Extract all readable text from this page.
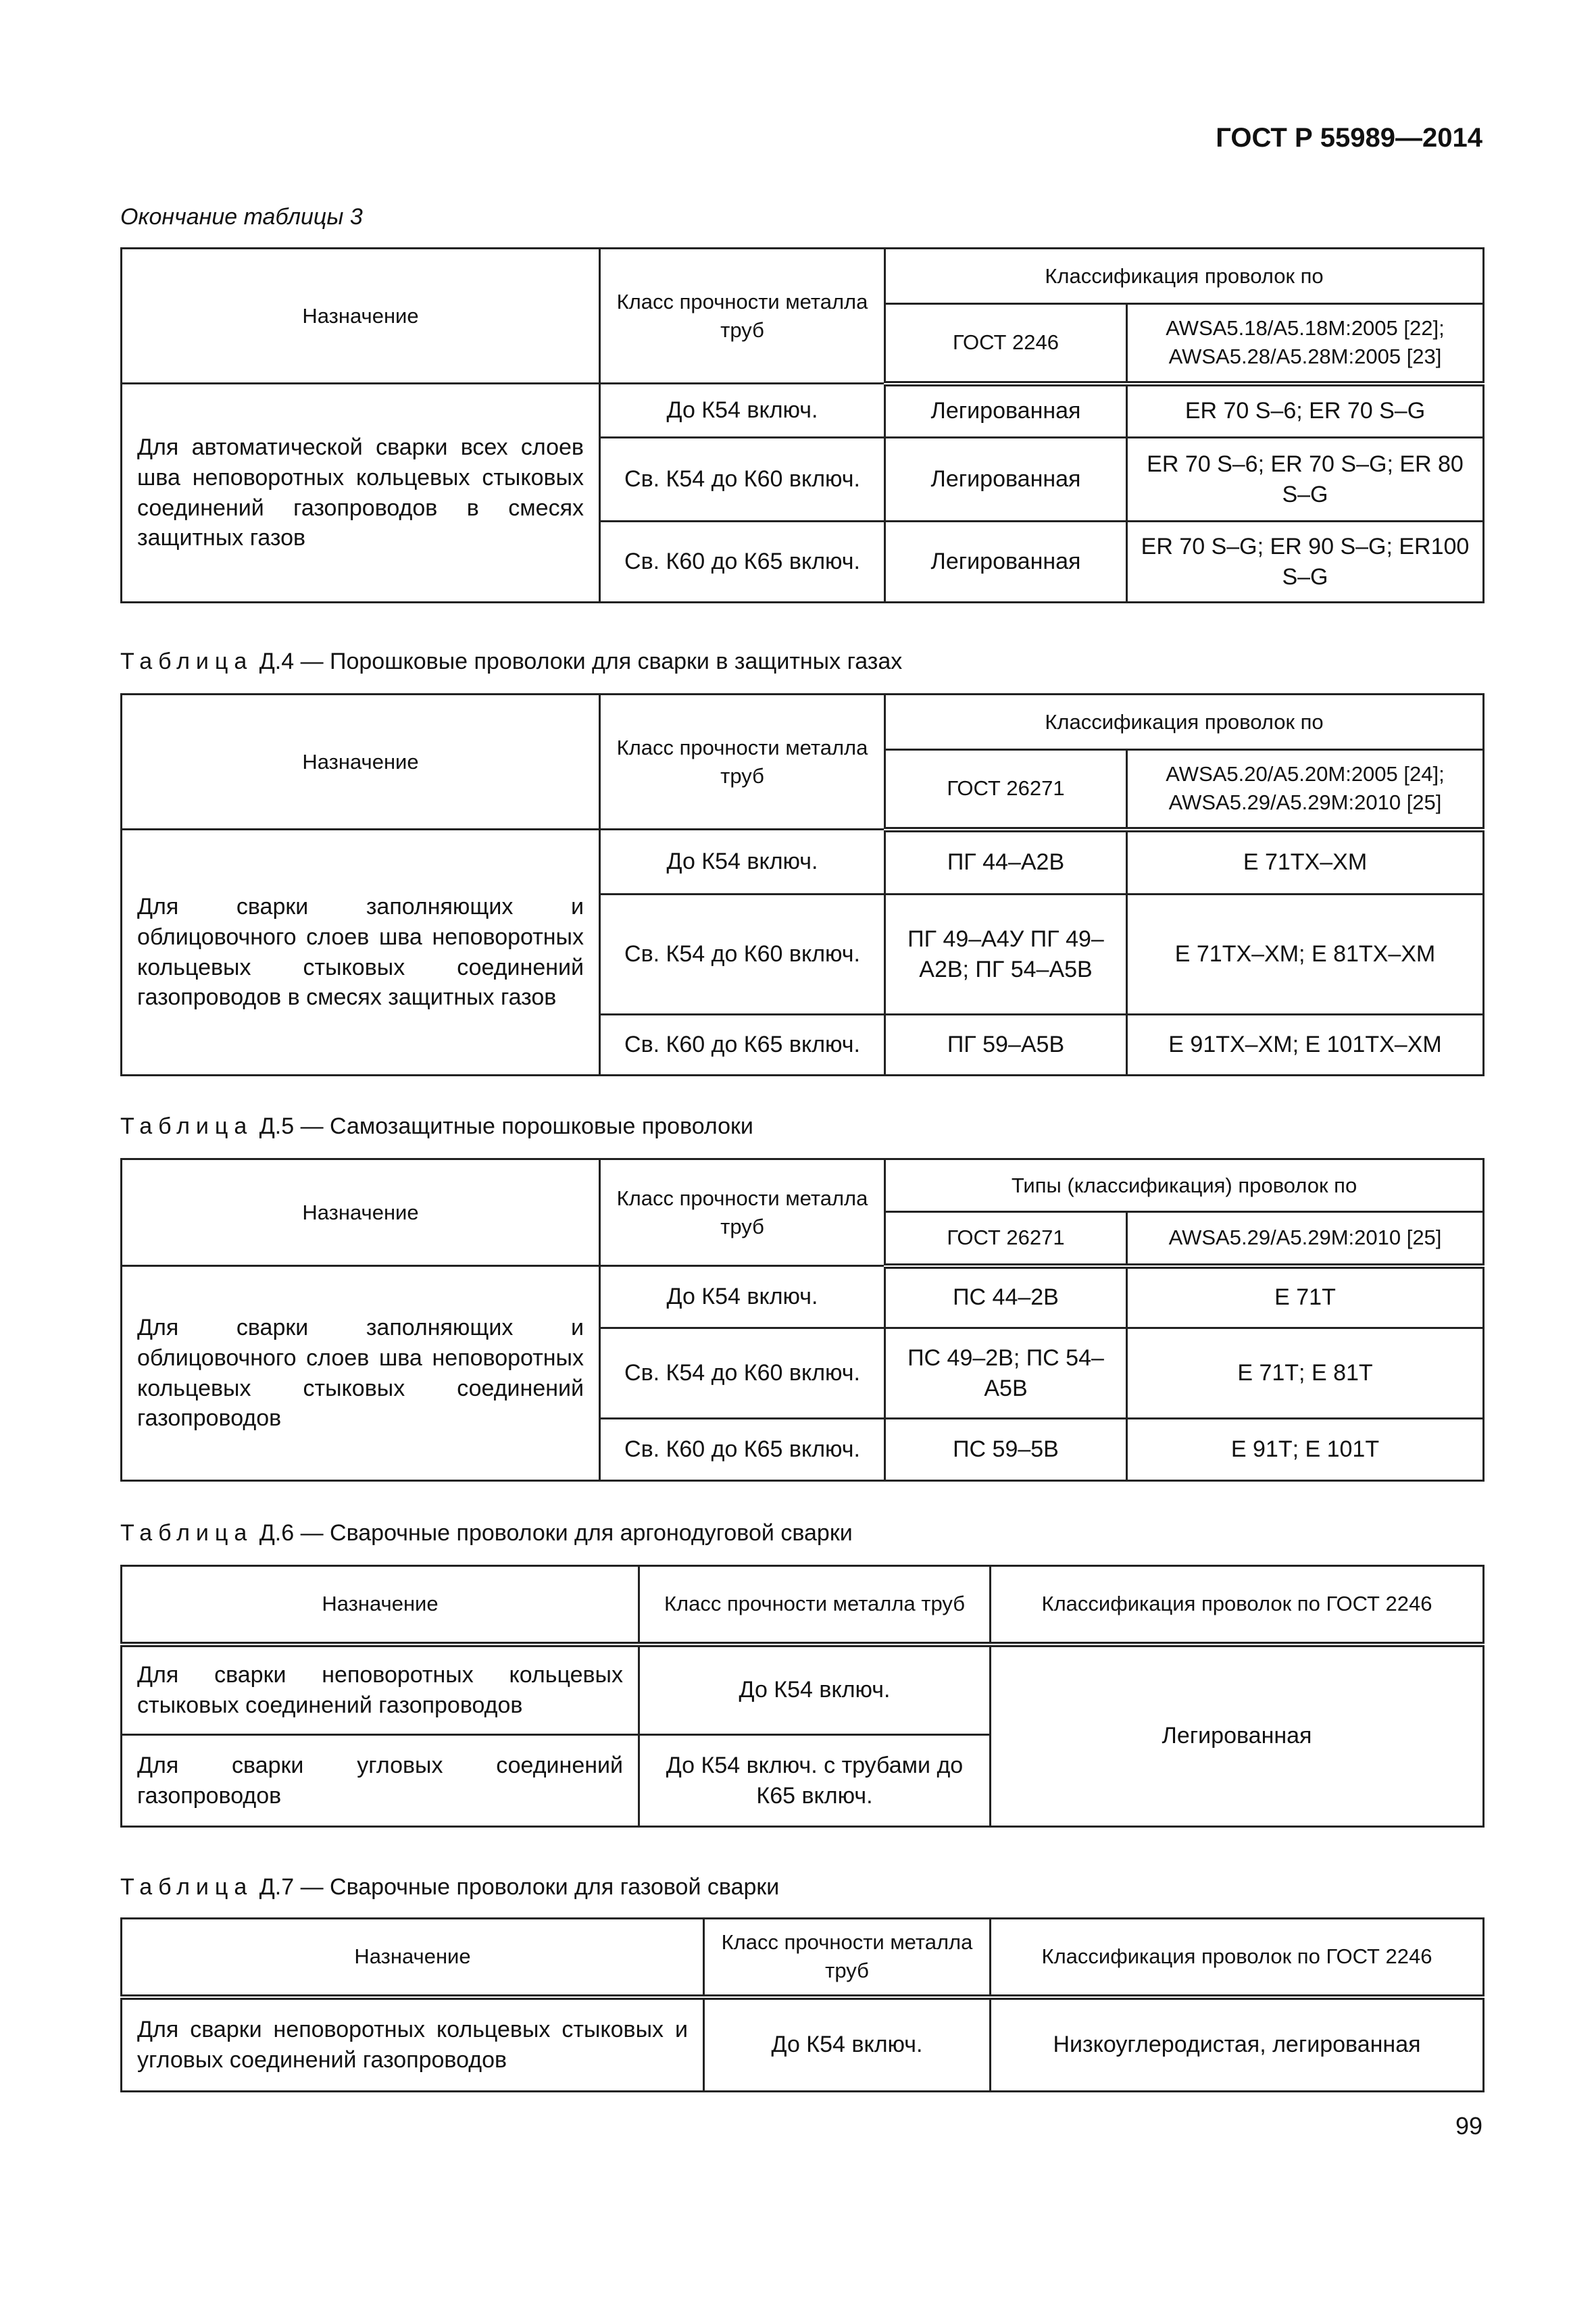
ГОСТ Р 55989—2014
Окончание таблицы 3
Назначение	Класс прочности металла труб	Классификация проволок по	
		ГОСТ 2246	AWSA5.18/A5.18M:2005 [22]; AWSA5.28/A5.28M:2005 [23]
Для автоматической сварки всех слоев шва неповоротных кольцевых стыковых соединений газопроводов в смесях защитных газов	До К54 включ.	Легированная	ER 70 S–6; ER 70 S–G
	Св. К54 до К60 включ.	Легированная	ER 70 S–6; ER 70 S–G; ER 80 S–G
	Св. К60 до К65 включ.	Легированная	ER 70 S–G; ER 90 S–G; ER100 S–G
Таблица Д.4 — Порошковые проволоки для сварки в защитных газах
Назначение	Класс прочности металла труб	Классификация проволок по	
		ГОСТ 26271	AWSA5.20/A5.20M:2005 [24]; AWSA5.29/A5.29M:2010 [25]
Для сварки заполняющих и облицовочного слоев шва неповоротных кольцевых стыковых соединений газопроводов в смесях защитных газов	До К54 включ.	ПГ 44–А2В	Е 71ТХ–ХМ
	Св. К54 до К60 включ.	ПГ 49–А4У ПГ 49–А2В; ПГ 54–А5В	Е 71ТХ–ХМ; Е 81ТХ–ХМ
	Св. К60 до К65 включ.	ПГ 59–А5В	Е 91ТХ–ХМ; Е 101ТХ–ХМ
Таблица Д.5 — Самозащитные порошковые проволоки
Назначение	Класс прочности металла труб	Типы (классификация) проволок по	
		ГОСТ 26271	AWSA5.29/A5.29M:2010 [25]
Для сварки заполняющих и облицовочного слоев шва неповоротных кольцевых стыковых соединений газопроводов	До К54 включ.	ПС 44–2В	Е 71Т
	Св. К54 до К60 включ.	ПС 49–2В; ПС 54–А5В	Е 71Т; Е 81Т
	Св. К60 до К65 включ.	ПС 59–5В	Е 91Т; Е 101Т
Таблица Д.6 — Сварочные проволоки для аргонодуговой сварки
Назначение	Класс прочности металла труб	Классификация проволок по ГОСТ 2246
Для сварки неповоротных кольцевых стыковых соединений газопроводов	До К54 включ.	Легированная
Для сварки угловых соединений газопроводов	До К54 включ. с трубами до К65 включ.	
Таблица Д.7 — Сварочные проволоки для газовой сварки
Назначение	Класс прочности металла труб	Классификация проволок по ГОСТ 2246
Для сварки неповоротных кольцевых стыковых и угловых соединений газопроводов	До К54 включ.	Низкоуглеродистая, легированная
99
